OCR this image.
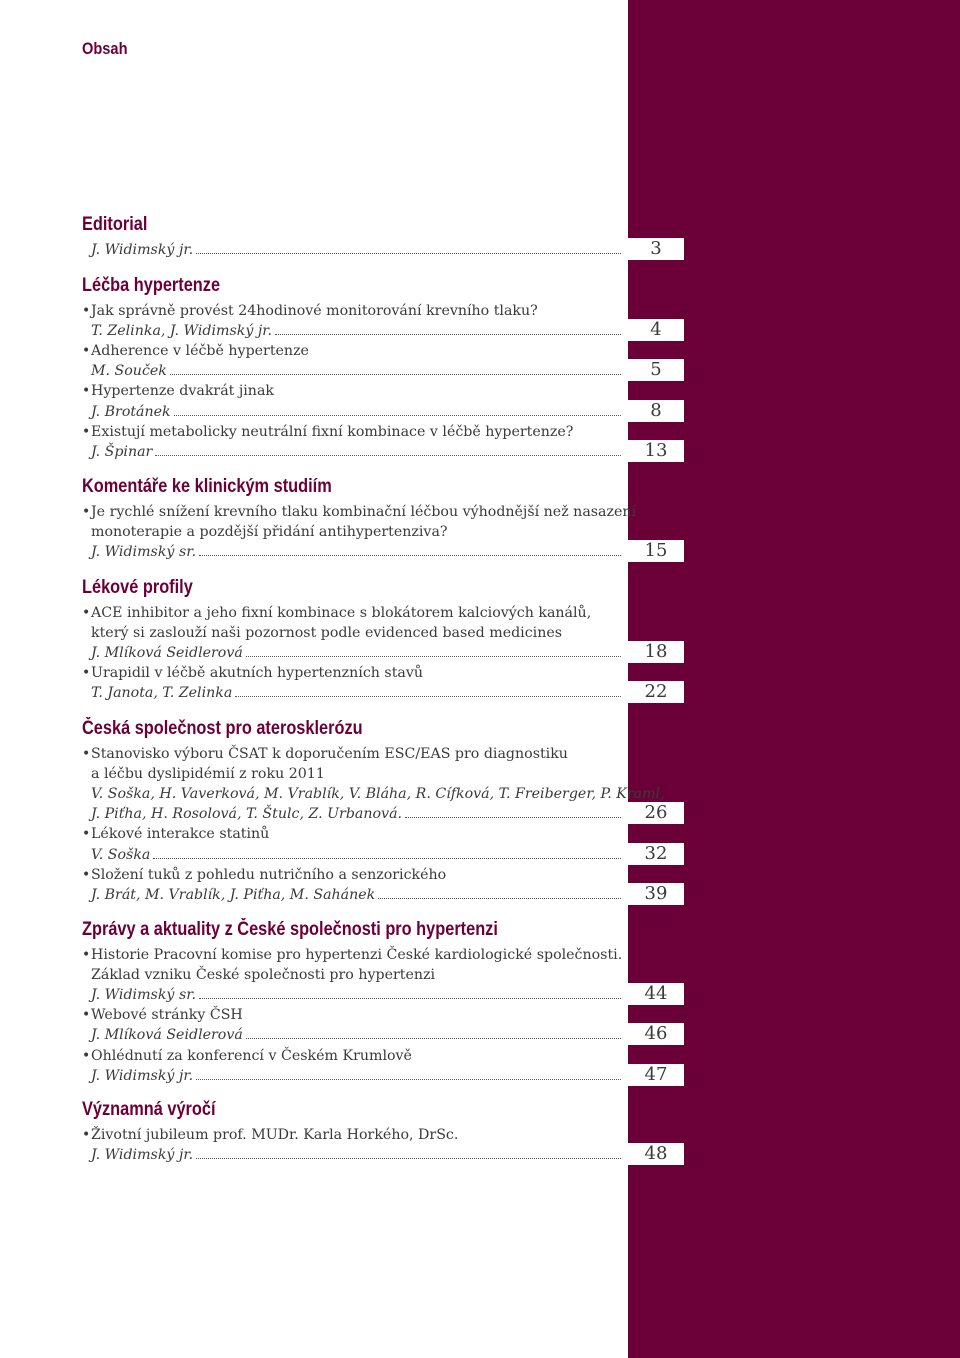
Obsah
Editorial
J. Widimský jr.	3
Léčba hypertenze
• Jak správně provést 24hodinové monitorování krevního tlaku?
T. Zelinka, J. Widimský jr.	4
• Adherence v léčbě hypertenze
M. Souček	5
• Hypertenze dvakrát jinak
J. Brotánek	8
• Existují metabolicky neutrální fixní kombinace v léčbě hypertenze?
J. Špinar	13
Komentáře ke klinickým studiím
• Je rychlé snížení krevního tlaku kombinační léčbou výhodnější než nasazení
monoterapie a pozdější přidání antihypertenziva?
J. Widimský sr.	15
Lékové profily
• ACE inhibitor a jeho fixní kombinace s blokátorem kalciových kanálů,
který si zaslouží naši pozornost podle evidenced based medicines
J. Mlíková Seidlerová	18
• Urapidil v léčbě akutních hypertenzních stavů
T. Janota, T. Zelinka	22
Česká společnost pro aterosklerózu
• Stanovisko výboru ČSAT k doporučením ESC/EAS pro diagnostiku
a léčbu dyslipidémií z roku 2011
V. Soška, H. Vaverková, M. Vrablík, V. Bláha, R. Cífková, T. Freiberger, P. Kraml,
J. Piťha, H. Rosolová, T. Štulc, Z. Urbanová.	26
• Lékové interakce statinů
V. Soška	32
• Složení tuků z pohledu nutričního a senzorického
J. Brát, M. Vrablík, J. Piťha, M. Sahánek	39
Zprávy a aktuality z České společnosti pro hypertenzi
• Historie Pracovní komise pro hypertenzi České kardiologické společnosti.
Základ vzniku České společnosti pro hypertenzi
J. Widimský sr.	44
• Webové stránky ČSH
J. Mlíková Seidlerová	46
• Ohlédnutí za konferencí v Českém Krumlově
J. Widimský jr.	47
Významná výročí
• Životní jubileum prof. MUDr. Karla Horkého, DrSc.
J. Widimský jr.	48
